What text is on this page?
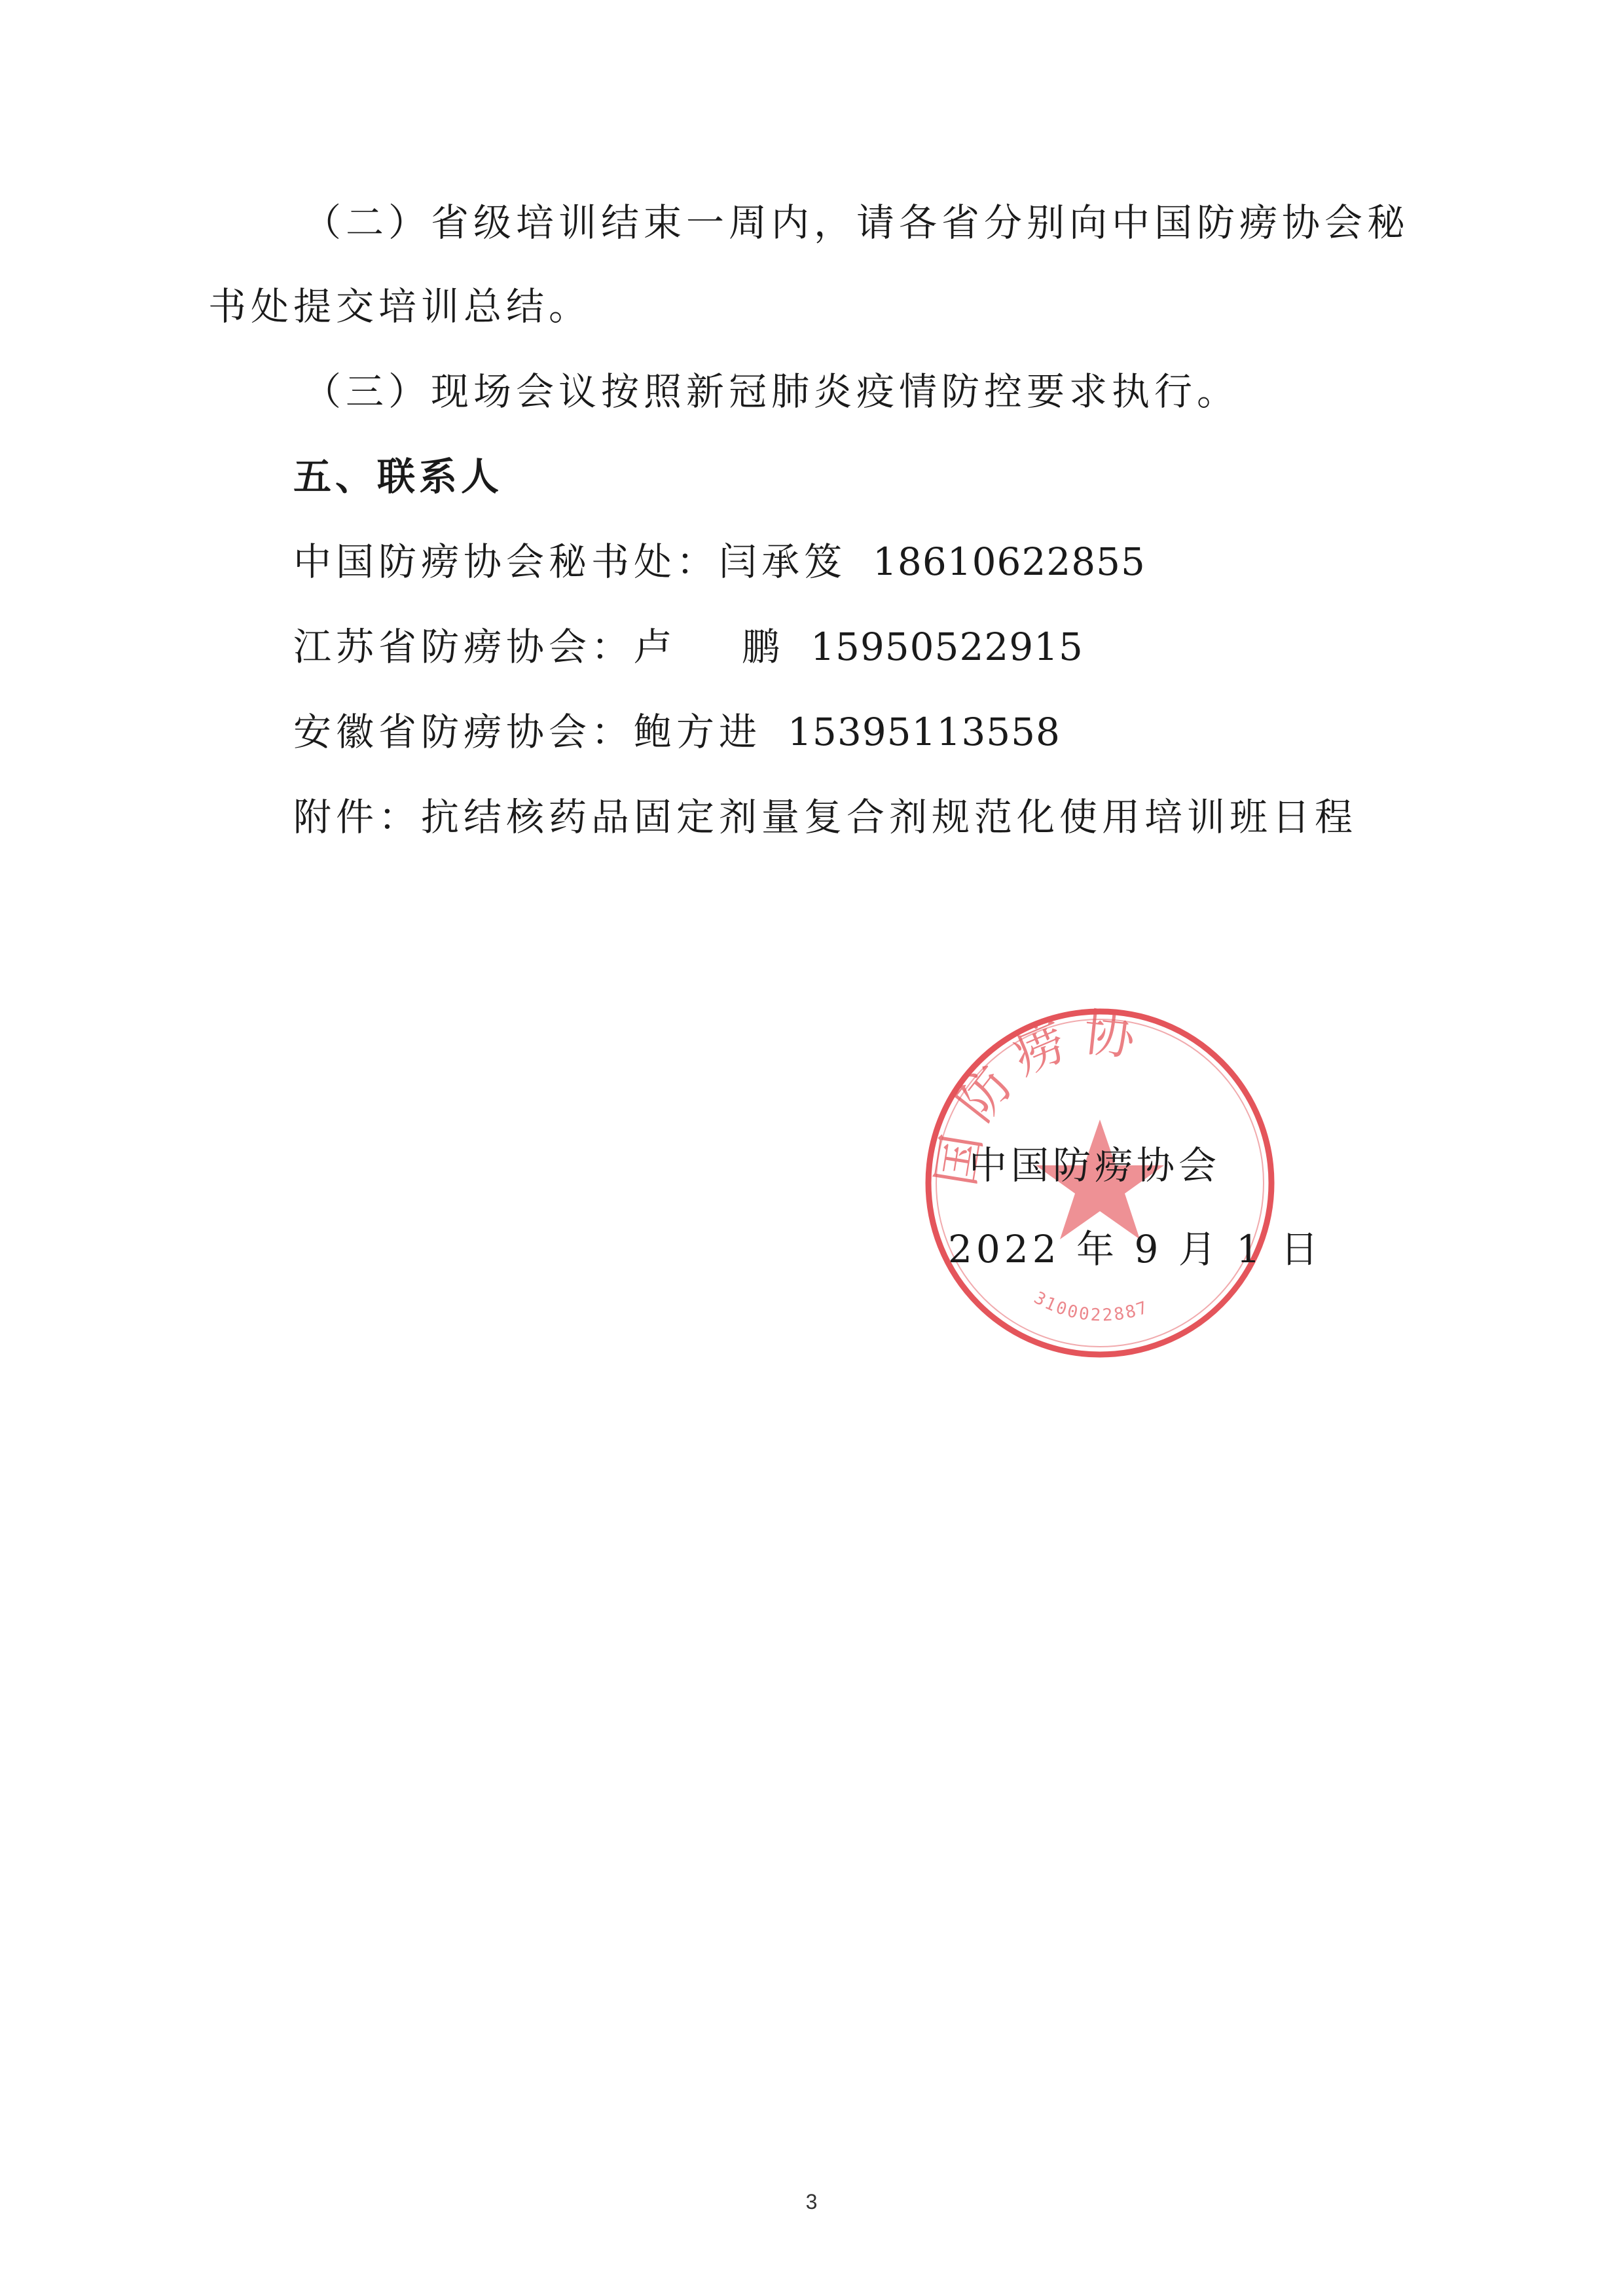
（二）省级培训结束一周内，请各省分别向中国防痨协会秘
书处提交培训总结。
（三）现场会议按照新冠肺炎疫情防控要求执行。
五、联系人
中国防痨协会秘书处：闫承笈 18610622855
江苏省防痨协会：卢 鹏 15950522915
安徽省防痨协会：鲍方进 15395113558
附件：抗结核药品固定剂量复合剂规范化使用培训班日程
国防痨协
3100022887
中国防痨协会
2022 年 9 月 1 日
3
